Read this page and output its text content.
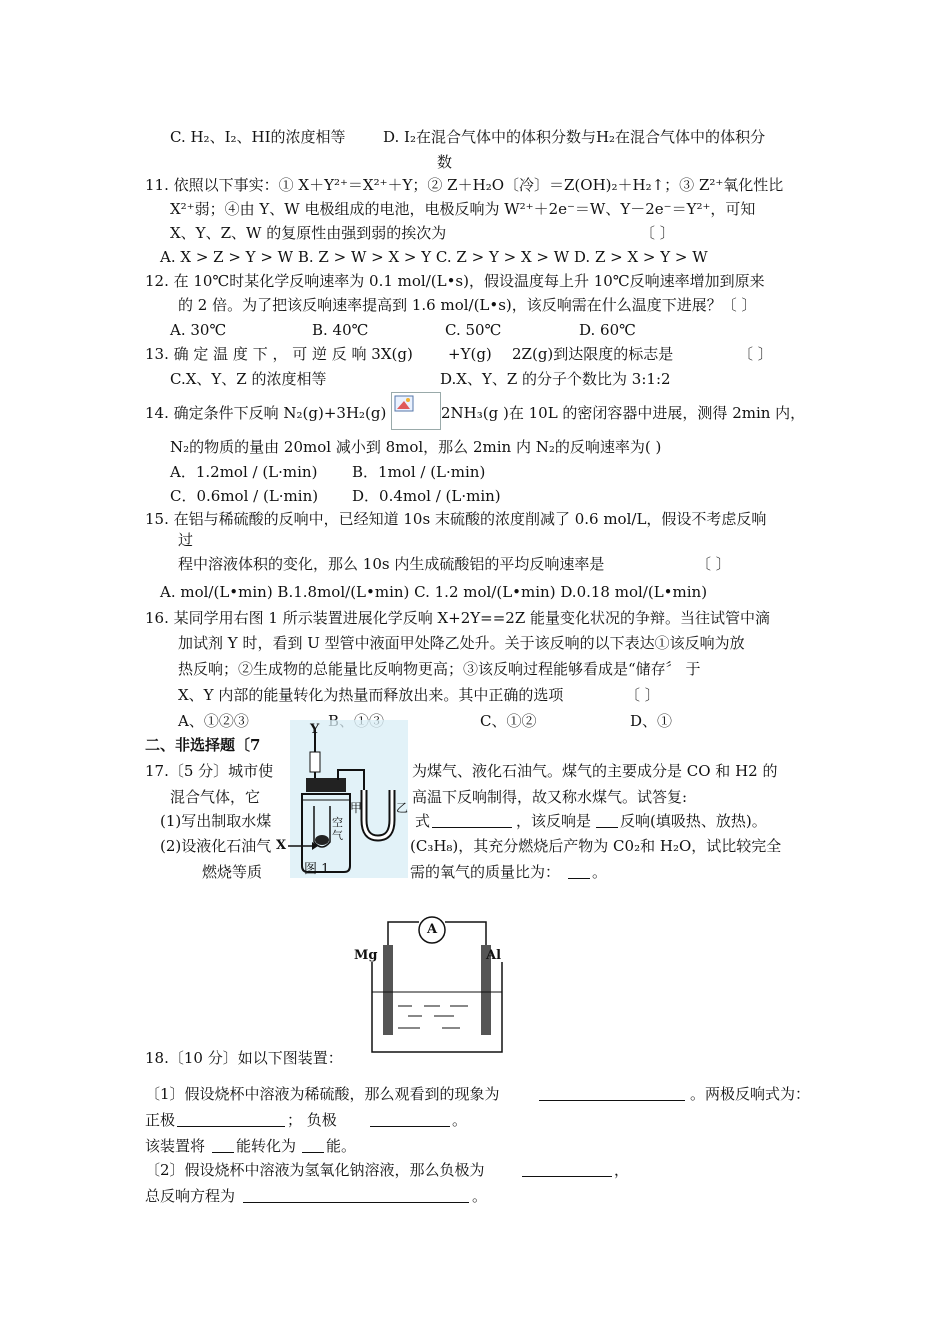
C. H₂、I₂、HI的浓度相等 D. I₂在混合气体中的体积分数与H₂在混合气体中的体积分
数
11. 依照以下事实：① X＋Y²⁺＝X²⁺＋Y；② Z＋H₂O〔冷〕＝Z(OH)₂＋H₂↑；③ Z²⁺氧化性比
X²⁺弱；④由 Y、W 电极组成的电池，电极反响为 W²⁺＋2e⁻＝W、Y－2e⁻＝Y²⁺，可知
X、Y、Z、W 的复原性由强到弱的挨次为	〔 〕
A. X > Z > Y > W B. Z > W > X > Y C. Z > Y > X > W D. Z > X > Y > W
12. 在 10℃时某化学反响速率为 0.1 mol/(L•s)，假设温度每上升 10℃反响速率增加到原来
的 2 倍。为了把该反响速率提高到 1.6 mol/(L•s)，该反响需在什么温度下进展？〔 〕
A. 30℃	B. 40℃	C. 50℃	D. 60℃
13. 确 定 温 度 下 ， 可 逆 反 响 3X(g) +Y(g) 2Z(g)到达限度的标志是	〔 〕
C.X、Y、Z 的浓度相等	D.X、Y、Z 的分子个数比为 3:1:2
14. 确定条件下反响 N₂(g)+3H₂(g)	2NH₃(g )在 10L 的密闭容器中进展，测得 2min 内，
N₂的物质的量由 20mol 减小到 8mol，那么 2min 内 N₂的反响速率为( )
A．1.2mol / (L·min) B．1mol / (L·min)
C．0.6mol / (L·min) D．0.4mol / (L·min)
15. 在铝与稀硫酸的反响中，已经知道 10s 末硫酸的浓度削减了 0.6 mol/L，假设不考虑反响
过
程中溶液体积的变化，那么 10s 内生成硫酸铝的平均反响速率是	〔 〕
A. mol/(L•min) B.1.8mol/(L•min) C. 1.2 mol/(L•min) D.0.18 mol/(L•min)
16. 某同学用右图 1 所示装置进展化学反响 X+2Y==2Z 能量变化状况的争辩。当往试管中滴
加试剂 Y 时，看到 U 型管中液面甲处降乙处升。关于该反响的以下表达①该反响为放
热反响；②生成物的总能量比反响物更高；③该反响过程能够看成是“储存〞 于
X、Y 内部的能量转化为热量而释放出来。其中正确的选项	〔 〕
A、①②③	C、①②	D、①
二、非选择题〔7
17.〔5 分〕城市使	为煤气、液化石油气。煤气的主要成分是 CO 和 H2 的
混合气体，它	高温下反响制得，故又称水煤气。试答复:
(1)写出制取水煤	式	，该反响是 反响(填吸热、放热)。
(2)设液化石油气	(C₃H₈)，其充分燃烧后产物为 C0₂和 H₂O，试比较完全
燃烧等质	需的氧气的质量比为： 。
Y
X
甲	乙
空气
图 1
A
Mg	Al
18.〔10 分〕如以下图装置：
〔1〕假设烧杯中溶液为稀硫酸，那么观看到的现象为	。两极反响式为：
正极	； 负极	。
该装置将 能转化为 能。
〔2〕假设烧杯中溶液为氢氧化钠溶液，那么负极为	，
总反响方程为	。
